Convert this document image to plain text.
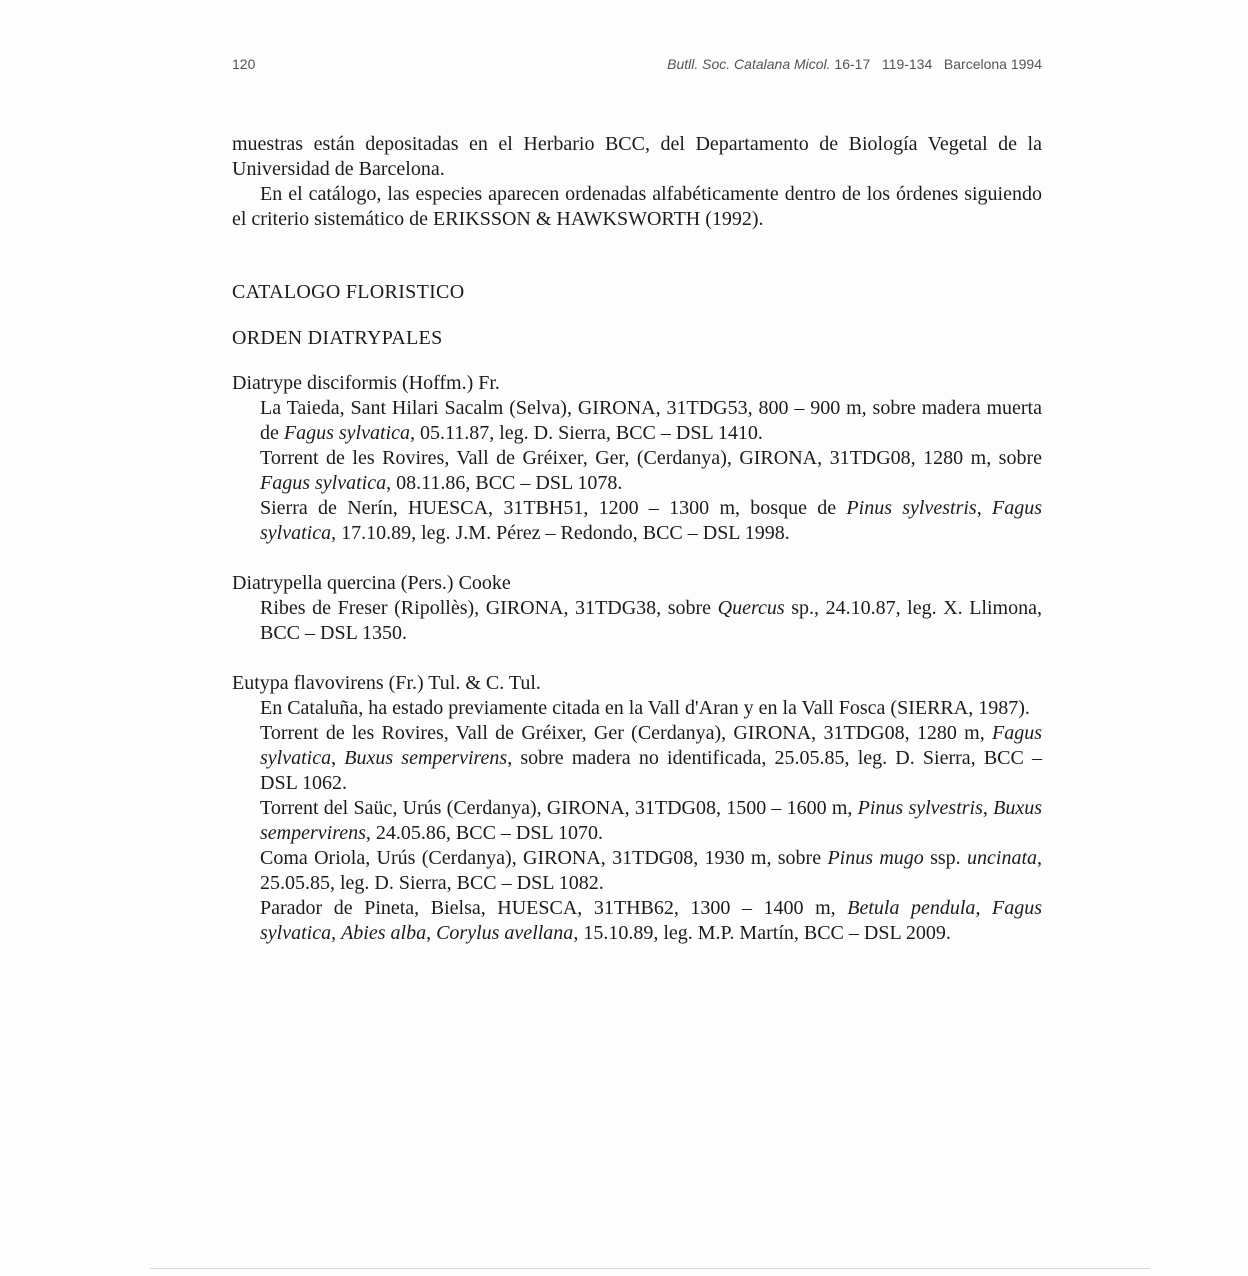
120	Butll. Soc. Catalana Micol. 16-17   119-134   Barcelona 1994

muestras están depositadas en el Herbario BCC, del Departamento de Biología Vegetal de la Universidad de Barcelona.

En el catálogo, las especies aparecen ordenadas alfabéticamente dentro de los órdenes siguiendo el criterio sistemático de ERIKSSON & HAWKSWORTH (1992).

CATALOGO FLORISTICO
ORDEN DIATRYPALES

Diatrype disciformis (Hoffm.) Fr.

La Taieda, Sant Hilari Sacalm (Selva), GIRONA, 31TDG53, 800 – 900 m, sobre madera muerta de Fagus sylvatica, 05.11.87, leg. D. Sierra, BCC – DSL 1410.

Torrent de les Rovires, Vall de Gréixer, Ger, (Cerdanya), GIRONA, 31TDG08, 1280 m, sobre Fagus sylvatica, 08.11.86, BCC – DSL 1078.

Sierra de Nerín, HUESCA, 31TBH51, 1200 – 1300 m, bosque de Pinus sylvestris, Fagus sylvatica, 17.10.89, leg. J.M. Pérez – Redondo, BCC – DSL 1998.

Diatrypella quercina (Pers.) Cooke

Ribes de Freser (Ripollès), GIRONA, 31TDG38, sobre Quercus sp., 24.10.87, leg. X. Llimona, BCC – DSL 1350.

Eutypa flavovirens (Fr.) Tul. & C. Tul.

En Cataluña, ha estado previamente citada en la Vall d'Aran y en la Vall Fosca (SIERRA, 1987).

Torrent de les Rovires, Vall de Gréixer, Ger (Cerdanya), GIRONA, 31TDG08, 1280 m, Fagus sylvatica, Buxus sempervirens, sobre madera no identificada, 25.05.85, leg. D. Sierra, BCC – DSL 1062.

Torrent del Saüc, Urús (Cerdanya), GIRONA, 31TDG08, 1500 – 1600 m, Pinus sylvestris, Buxus sempervirens, 24.05.86, BCC – DSL 1070.

Coma Oriola, Urús (Cerdanya), GIRONA, 31TDG08, 1930 m, sobre Pinus mugo ssp. uncinata, 25.05.85, leg. D. Sierra, BCC – DSL 1082.

Parador de Pineta, Bielsa, HUESCA, 31THB62, 1300 – 1400 m, Betula pendula, Fagus sylvatica, Abies alba, Corylus avellana, 15.10.89, leg. M.P. Martín, BCC – DSL 2009.
